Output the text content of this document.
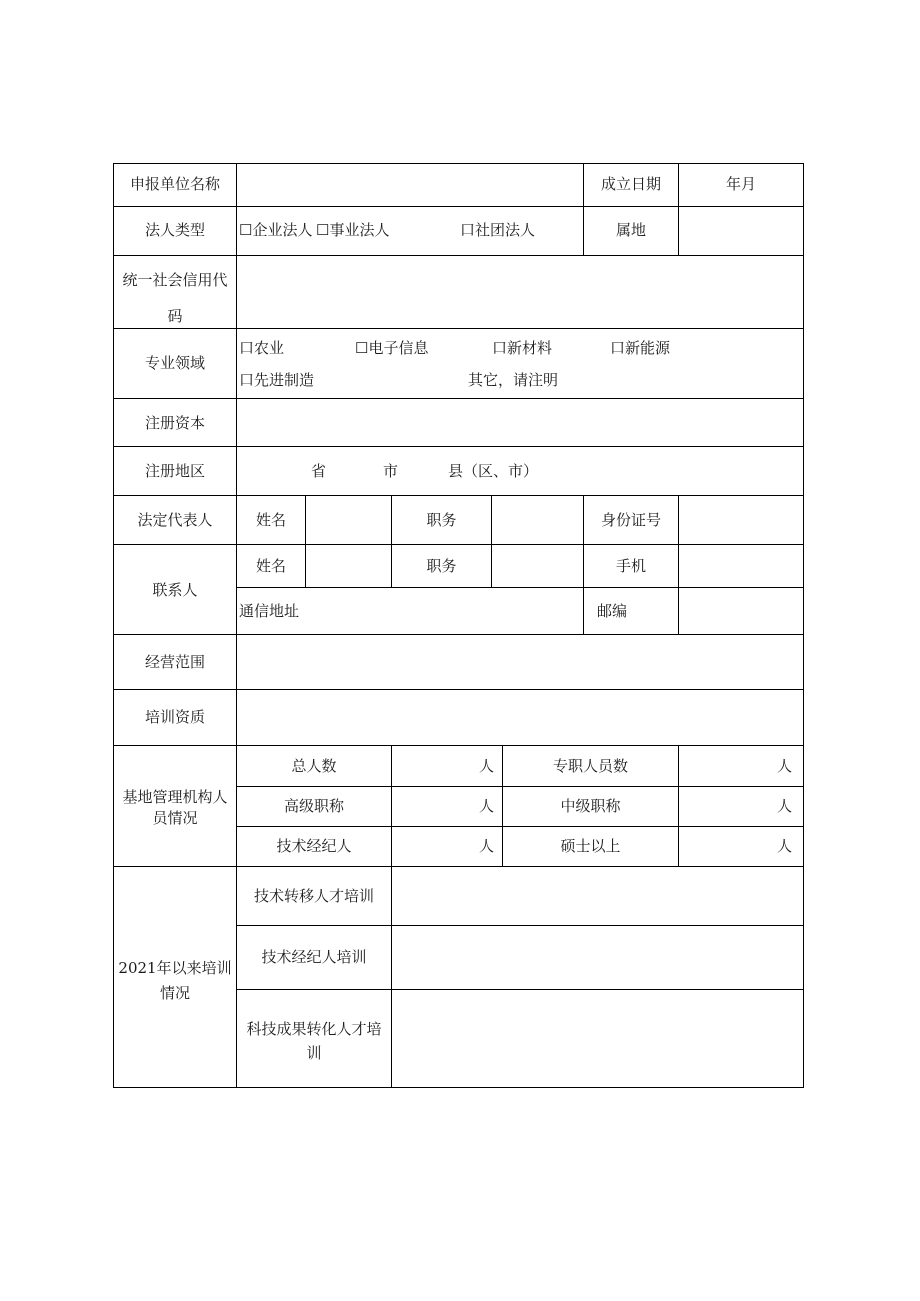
申报单位名称	成立日期	年月
法人类型	☐企业法人 ☐事业法人	口社团法人	属地
统一社会信用代
码
专业领域
口农业	☐电子信息	口新材料	口新能源
口先进制造	其它，请注明
注册资本
注册地区	省	市	县（区、市）
法定代表人	姓名	职务	身份证号
联系人
姓名	职务	手机
通信地址	邮编
经营范围
培训资质
基地管理机构人
员情况
总人数	人	专职人员数	人
高级职称	人	中级职称	人
技术经纪人	人	硕士以上	人
2021年以来培训
情况
技术转移人才培训
技术经纪人培训
科技成果转化人才培
训
